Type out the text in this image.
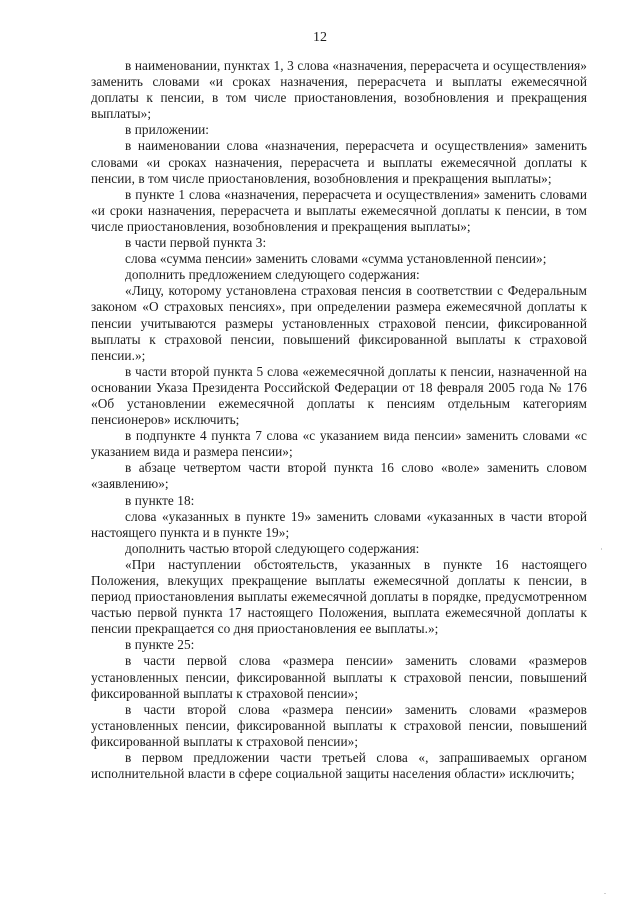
12

в наименовании, пунктах 1, 3 слова «назначения, перерасчета и осуществления» заменить словами «и сроках назначения, перерасчета и выплаты ежемесячной доплаты к пенсии, в том числе приостановления, возобновления и прекращения выплаты»;

в приложении:

в наименовании слова «назначения, перерасчета и осуществления» заменить словами «и сроках назначения, перерасчета и выплаты ежемесячной доплаты к пенсии, в том числе приостановления, возобновления и прекращения выплаты»;

в пункте 1 слова «назначения, перерасчета и осуществления» заменить словами «и сроки назначения, перерасчета и выплаты ежемесячной доплаты к пенсии, в том числе приостановления, возобновления и прекращения выплаты»;

в части первой пункта 3:

слова «сумма пенсии» заменить словами «сумма установленной пенсии»;

дополнить предложением следующего содержания:

«Лицу, которому установлена страховая пенсия в соответствии с Федеральным законом «О страховых пенсиях», при определении размера ежемесячной доплаты к пенсии учитываются размеры установленных страховой пенсии, фиксированной выплаты к страховой пенсии, повышений фиксированной выплаты к страховой пенсии.»;

в части второй пункта 5 слова «ежемесячной доплаты к пенсии, назначенной на основании Указа Президента Российской Федерации от 18 февраля 2005 года № 176 «Об установлении ежемесячной доплаты к пенсиям отдельным категориям пенсионеров» исключить;

в подпункте 4 пункта 7 слова «с указанием вида пенсии» заменить словами «с указанием вида и размера пенсии»;

в абзаце четвертом части второй пункта 16 слово «воле» заменить словом «заявлению»;

в пункте 18:

слова «указанных в пункте 19» заменить словами «указанных в части второй настоящего пункта и в пункте 19»;

дополнить частью второй следующего содержания:

«При наступлении обстоятельств, указанных в пункте 16 настоящего Положения, влекущих прекращение выплаты ежемесячной доплаты к пенсии, в период приостановления выплаты ежемесячной доплаты в порядке, предусмотренном частью первой пункта 17 настоящего Положения, выплата ежемесячной доплаты к пенсии прекращается со дня приостановления ее выплаты.»;

в пункте 25:

в части первой слова «размера пенсии» заменить словами «размеров установленных пенсии, фиксированной выплаты к страховой пенсии, повышений фиксированной выплаты к страховой пенсии»;

в части второй слова «размера пенсии» заменить словами «размеров установленных пенсии, фиксированной выплаты к страховой пенсии, повышений фиксированной выплаты к страховой пенсии»;

в первом предложении части третьей слова «, запрашиваемых органом исполнительной власти в сфере социальной защиты населения области» исключить;
